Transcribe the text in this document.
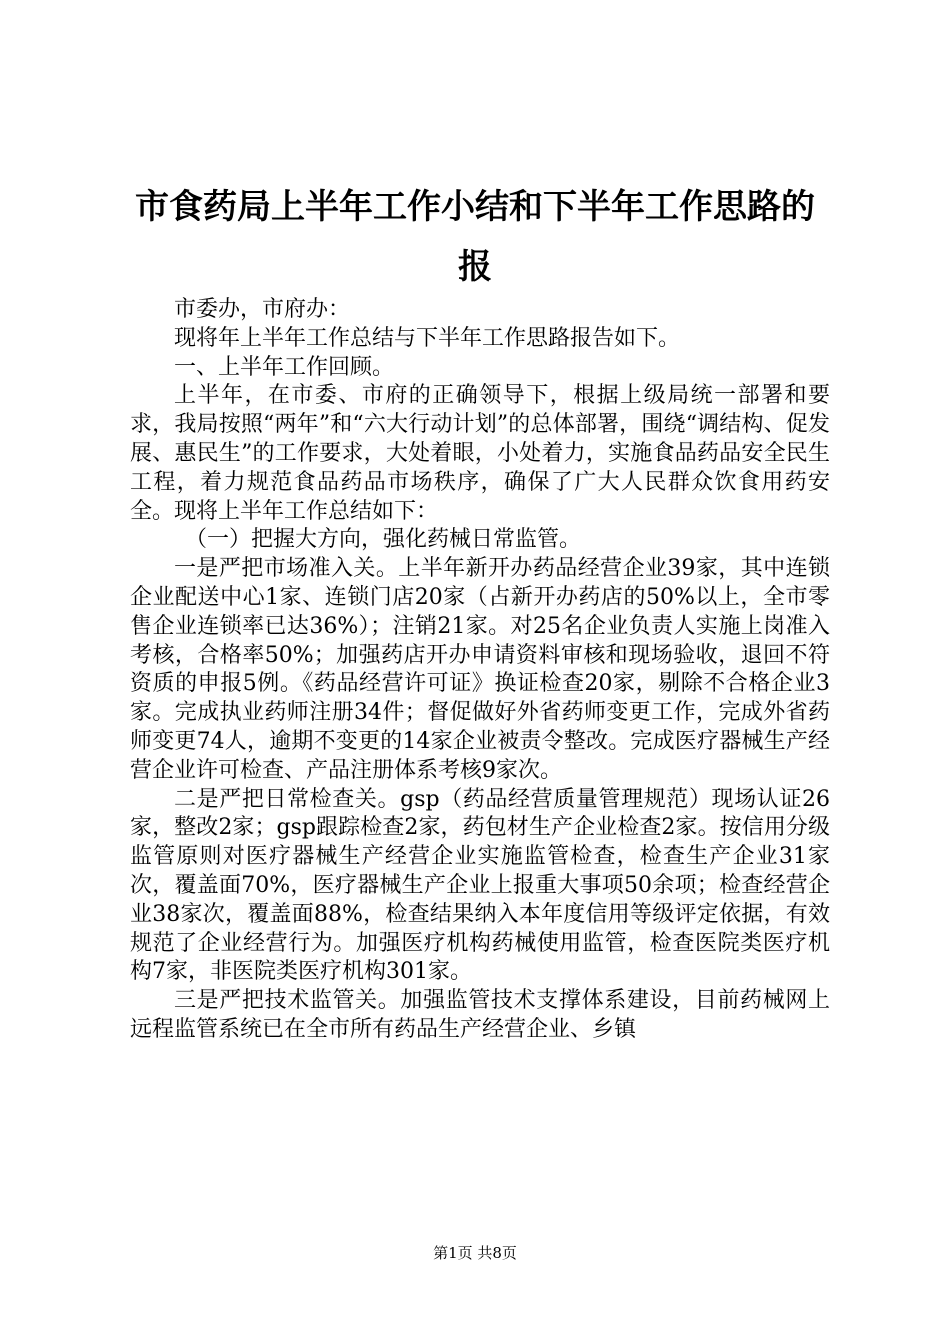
市食药局上半年工作小结和下半年工作思路的
报

市委办，市府办：

现将年上半年工作总结与下半年工作思路报告如下。

一、上半年工作回顾。

上半年，在市委、市府的正确领导下，根据上级局统一部署和要求，我局按照“两年”和“六大行动计划”的总体部署，围绕“调结构、促发展、惠民生”的工作要求，大处着眼，小处着力，实施食品药品安全民生工程，着力规范食品药品市场秩序，确保了广大人民群众饮食用药安全。现将上半年工作总结如下：

（一）把握大方向，强化药械日常监管。

一是严把市场准入关。上半年新开办药品经营企业39家，其中连锁企业配送中心1家、连锁门店20家（占新开办药店的50%以上，全市零售企业连锁率已达36%）；注销21家。对25名企业负责人实施上岗准入考核，合格率50%；加强药店开办申请资料审核和现场验收，退回不符资质的申报5例。《药品经营许可证》换证检查20家，剔除不合格企业3家。完成执业药师注册34件；督促做好外省药师变更工作，完成外省药师变更74人，逾期不变更的14家企业被责令整改。完成医疗器械生产经营企业许可检查、产品注册体系考核9家次。

二是严把日常检查关。gsp（药品经营质量管理规范）现场认证26家，整改2家；gsp跟踪检查2家，药包材生产企业检查2家。按信用分级监管原则对医疗器械生产经营企业实施监管检查，检查生产企业31家次，覆盖面70%，医疗器械生产企业上报重大事项50余项；检查经营企业38家次，覆盖面88%，检查结果纳入本年度信用等级评定依据，有效规范了企业经营行为。加强医疗机构药械使用监管，检查医院类医疗机构7家，非医院类医疗机构301家。

三是严把技术监管关。加强监管技术支撑体系建设，目前药械网上远程监管系统已在全市所有药品生产经营企业、乡镇

第1页 共8页
